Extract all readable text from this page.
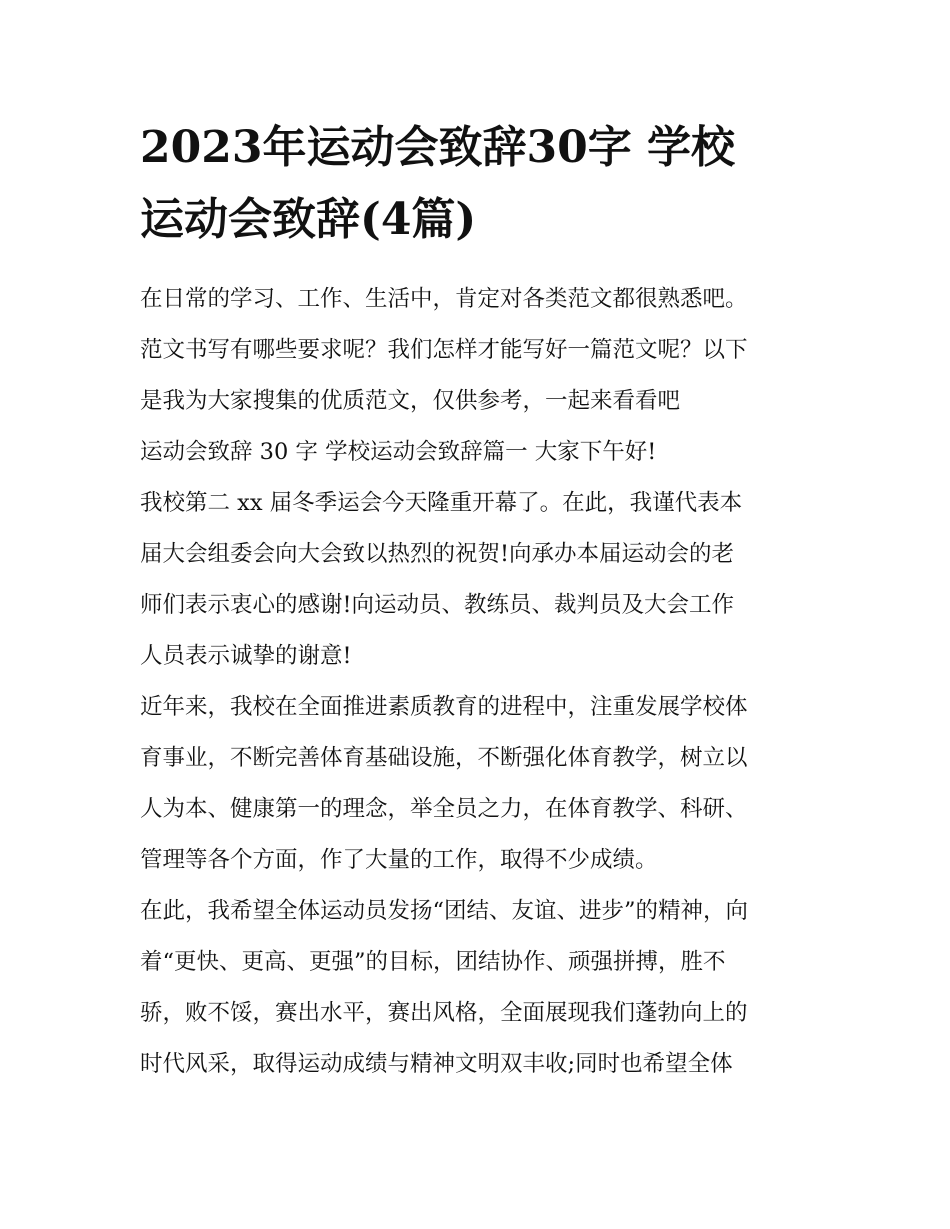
2023年运动会致辞30字 学校
运动会致辞(4篇)
在日常的学习、工作、生活中，肯定对各类范文都很熟悉吧。
范文书写有哪些要求呢？我们怎样才能写好一篇范文呢？以下
是我为大家搜集的优质范文，仅供参考，一起来看看吧
运动会致辞 30 字 学校运动会致辞篇一 大家下午好!
我校第二 xx 届冬季运会今天隆重开幕了。在此，我谨代表本
届大会组委会向大会致以热烈的祝贺!向承办本届运动会的老
师们表示衷心的感谢!向运动员、教练员、裁判员及大会工作
人员表示诚挚的谢意!
近年来，我校在全面推进素质教育的进程中，注重发展学校体
育事业，不断完善体育基础设施，不断强化体育教学，树立以
人为本、健康第一的理念，举全员之力，在体育教学、科研、
管理等各个方面，作了大量的工作，取得不少成绩。
在此，我希望全体运动员发扬“团结、友谊、进步”的精神，向
着“更快、更高、更强”的目标，团结协作、顽强拼搏，胜不
骄，败不馁，赛出水平，赛出风格，全面展现我们蓬勃向上的
时代风采，取得运动成绩与精神文明双丰收;同时也希望全体
